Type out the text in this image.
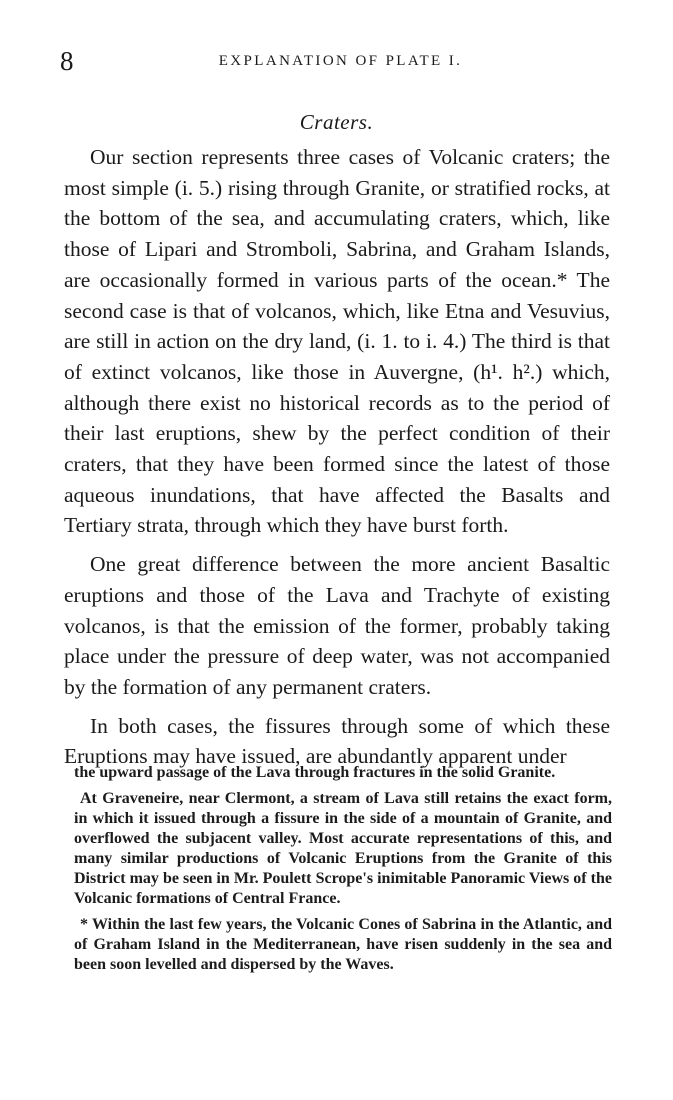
8	EXPLANATION OF PLATE I.
Craters.

Our section represents three cases of Volcanic craters; the most simple (i. 5.) rising through Granite, or stratified rocks, at the bottom of the sea, and accumulating craters, which, like those of Lipari and Stromboli, Sabrina, and Graham Islands, are occasionally formed in various parts of the ocean.* The second case is that of volcanos, which, like Etna and Vesuvius, are still in action on the dry land, (i. 1. to i. 4.) The third is that of extinct volcanos, like those in Auvergne, (h¹. h².) which, although there exist no historical records as to the period of their last eruptions, shew by the perfect condition of their craters, that they have been formed since the latest of those aqueous inundations, that have affected the Basalts and Tertiary strata, through which they have burst forth.

One great difference between the more ancient Basaltic eruptions and those of the Lava and Trachyte of existing volcanos, is that the emission of the former, probably taking place under the pressure of deep water, was not accompanied by the formation of any permanent craters.

In both cases, the fissures through some of which these Eruptions may have issued, are abundantly apparent under

the upward passage of the Lava through fractures in the solid Granite.

At Graveneire, near Clermont, a stream of Lava still retains the exact form, in which it issued through a fissure in the side of a mountain of Granite, and overflowed the subjacent valley. Most accurate representations of this, and many similar productions of Volcanic Eruptions from the Granite of this District may be seen in Mr. Poulett Scrope's inimitable Panoramic Views of the Volcanic formations of Central France.

* Within the last few years, the Volcanic Cones of Sabrina in the Atlantic, and of Graham Island in the Mediterranean, have risen suddenly in the sea and been soon levelled and dispersed by the Waves.
